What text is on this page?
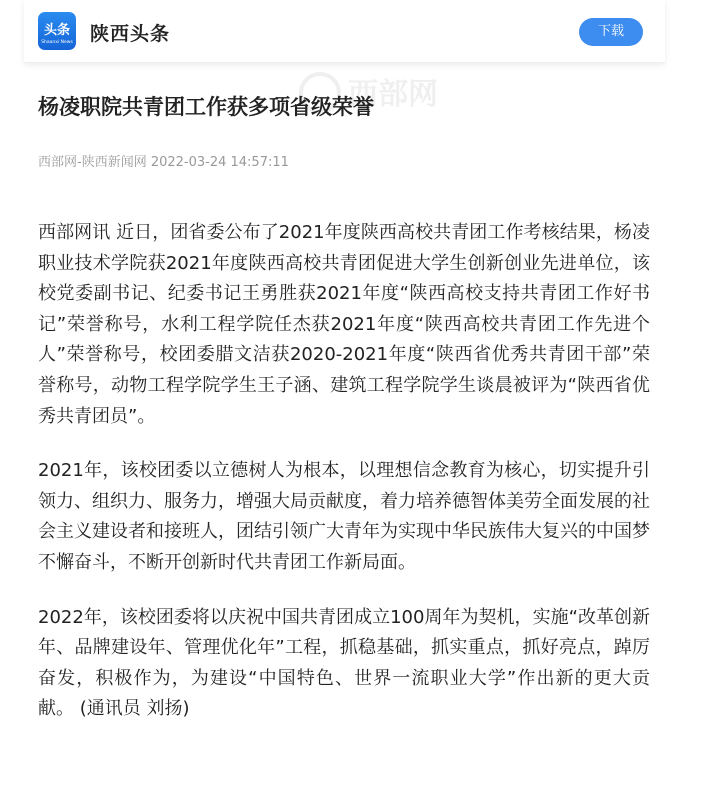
头条
Shaanxi News 陕西头条	下载
西部网
杨凌职院共青团工作获多项省级荣誉
西部网-陕西新闻网 2022-03-24 14:57:11

西部网讯 近日，团省委公布了2021年度陕西高校共青团工作考核结果，杨凌职业技术学院获2021年度陕西高校共青团促进大学生创新创业先进单位，该校党委副书记、纪委书记王勇胜获2021年度“陕西高校支持共青团工作好书记”荣誉称号，水利工程学院任杰获2021年度“陕西高校共青团工作先进个人”荣誉称号，校团委腊文洁获2020-2021年度“陕西省优秀共青团干部”荣誉称号，动物工程学院学生王子涵、建筑工程学院学生谈晨被评为“陕西省优秀共青团员”。

2021年，该校团委以立德树人为根本，以理想信念教育为核心，切实提升引领力、组织力、服务力，增强大局贡献度，着力培养德智体美劳全面发展的社会主义建设者和接班人，团结引领广大青年为实现中华民族伟大复兴的中国梦不懈奋斗，不断开创新时代共青团工作新局面。

2022年，该校团委将以庆祝中国共青团成立100周年为契机，实施“改革创新年、品牌建设年、管理优化年”工程，抓稳基础，抓实重点，抓好亮点，踔厉奋发，积极作为，为建设“中国特色、世界一流职业大学”作出新的更大贡献。 (通讯员 刘扬)
